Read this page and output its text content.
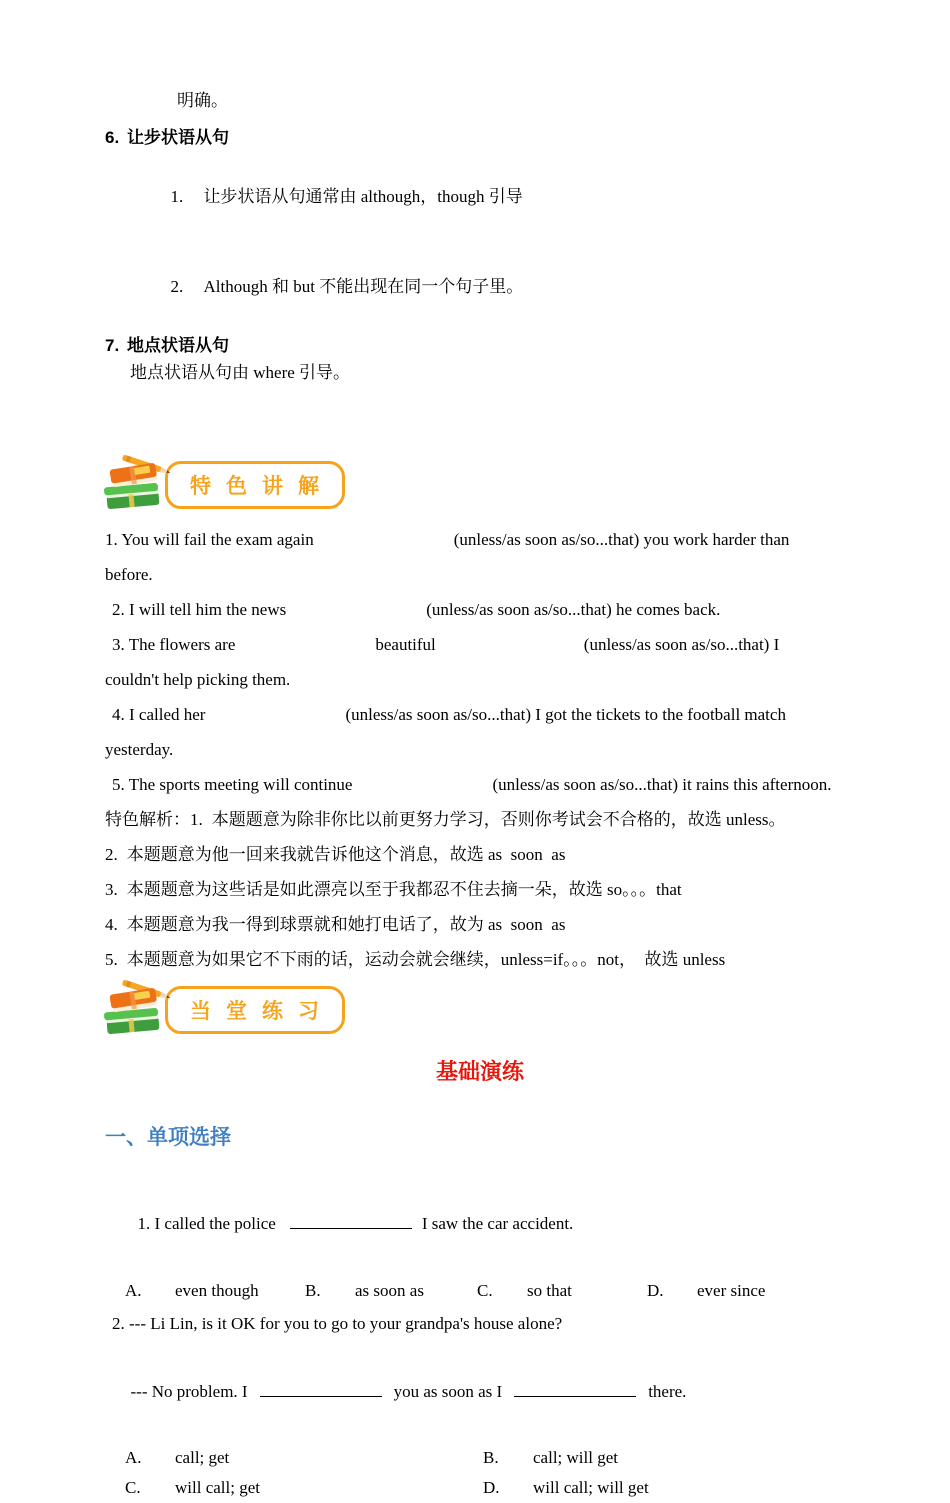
明确。
6. 让步状语从句

1. 让步状语从句通常由 although，though 引导

2. Although 和 but 不能出现在同一个句子里。

7. 地点状语从句
地点状语从句由 where 引导。
特色讲解
1. You will fail the exam again	(unless/as soon as/so...that) you work harder than
before.
2. I will tell him the news	(unless/as soon as/so...that) he comes back.
3. The flowers are	beautiful	(unless/as soon as/so...that) I
couldn't help picking them.
4. I called her	(unless/as soon as/so...that) I got the tickets to the football match
yesterday.
5. The sports meeting will continue	(unless/as soon as/so...that) it rains this afternoon.
特色解析：1. 本题题意为除非你比以前更努力学习，否则你考试会不合格的，故选 unless。
2. 本题题意为他一回来我就告诉他这个消息，故选 as  soon  as
3. 本题题意为这些话是如此漂亮以至于我都忍不住去摘一朵，故选 so。。。that
4. 本题题意为我一得到球票就和她打电话了，故为 as  soon  as
5. 本题题意为如果它不下雨的话，运动会就会继续，unless=if。。。not，  故选 unless
当堂练习
基础演练
一、单项选择

1. I called the police	I saw the car accident.

A.	even though	B.	as soon as	C.	so that	D.	ever since
2. --- Li Lin, is it OK for you to go to your grandpa's house alone?

--- No problem. I	you as soon as I	there.

A.	call; get	B.	call; will get
C.	will call; get	D.	will call; will get
